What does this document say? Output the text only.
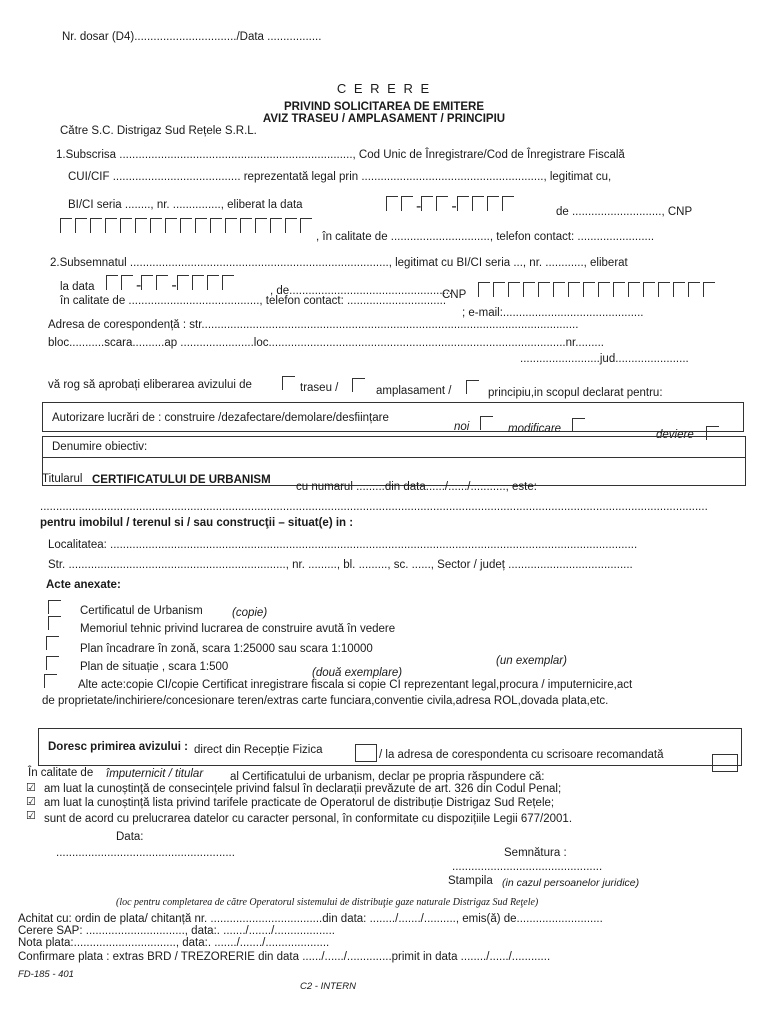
Nr. dosar (D4)................................/Data .................
C E R E R E
PRIVIND SOLICITAREA DE EMITERE
AVIZ TRASEU / AMPLASAMENT / PRINCIPIU
Către S.C. Distrigaz Sud Rețele S.R.L.
1.Subscrisa ........................................................................., Cod Unic de Înregistrare/Cod de Înregistrare Fiscală
CUI/CIF ........................................ reprezentată legal prin ........................................................., legitimat cu,
BI/CI seria ........, nr. ..............., eliberat la data	- -	de ............................, CNP
, în calitate de ..............................., telefon contact: ........................
2.Subsemnatul ................................................................................., legitimat cu BI/CI seria ..., nr. ............, eliberat
la data	- -	, de...................................................
CNP
în calitate de ........................................., telefon contact: ...............................
; e-mail:............................................
Adresa de corespondență : str......................................................................................................................
bloc...........scara..........ap .......................loc.............................................................................................nr.........
.........................jud.......................
vă rog să aprobați eliberarea avizului de	traseu /	amplasament /	principiu,in scopul declarat pentru:
Autorizare lucrări de : construire /dezafectare/demolare/desființare
noi	modificare	deviere
Denumire obiectiv:
Titularul CERTIFICATULUI DE URBANISM
cu numarul .........din data....../....../..........., este:
.................................................................................................................................................................................................................
pentru imobilul / terenul si / sau construcţii – situat(e) in :
Localitatea: .....................................................................................................................................................................
Str. ...................................................................., nr. ........., bl. ........., sc. ......, Sector / județ .......................................
Acte anexate:
Certificatul de Urbanism	(copie)
Memoriul tehnic privind lucrarea de construire avută în vedere
Plan încadrare în zonă, scara 1:25000 sau scara 1:10000
(un exemplar)
Plan de situație , scara 1:500	(două exemplare)
Alte acte:copie CI/copie Certificat inregistrare fiscala si copie CI reprezentant legal,procura / imputernicire,act
de proprietate/inchiriere/concesionare teren/extras carte funciara,conventie civila,adresa ROL,dovada plata,etc.
Doresc primirea avizului : direct din Recepție Fizica	/ la adresa de corespondenta cu scrisoare recomandată
În calitate de împuternicit / titular al Certificatului de urbanism, declar pe propria răspundere că:
☑ am luat la cunoștință de consecințele privind falsul în declarații prevăzute de art. 326 din Codul Penal;
☑ am luat la cunoștință lista privind tarifele practicate de Operatorul de distribuție Distrigaz Sud Rețele;
☑ sunt de acord cu prelucrarea datelor cu caracter personal, în conformitate cu dispozițiile Legii 677/2001.
Data:
........................................................	Semnătura :
...............................................
Stampila (in cazul persoanelor juridice)
(loc pentru completarea de către Operatorul sistemului de distribuţie gaze naturale Distrigaz Sud Reţele)
Achitat cu: ordin de plata/ chitanță nr. ...................................din data: ......../......./.........., emis(ă) de...........................
Cerere SAP: ..............................., data:. ......./......./...................
Nota plata:................................, data:. ......./......./....................
Confirmare plata : extras BRD / TREZORERIE din data ....../....../..............primit in data ......../....../............
FD-185 - 401
C2 - INTERN
